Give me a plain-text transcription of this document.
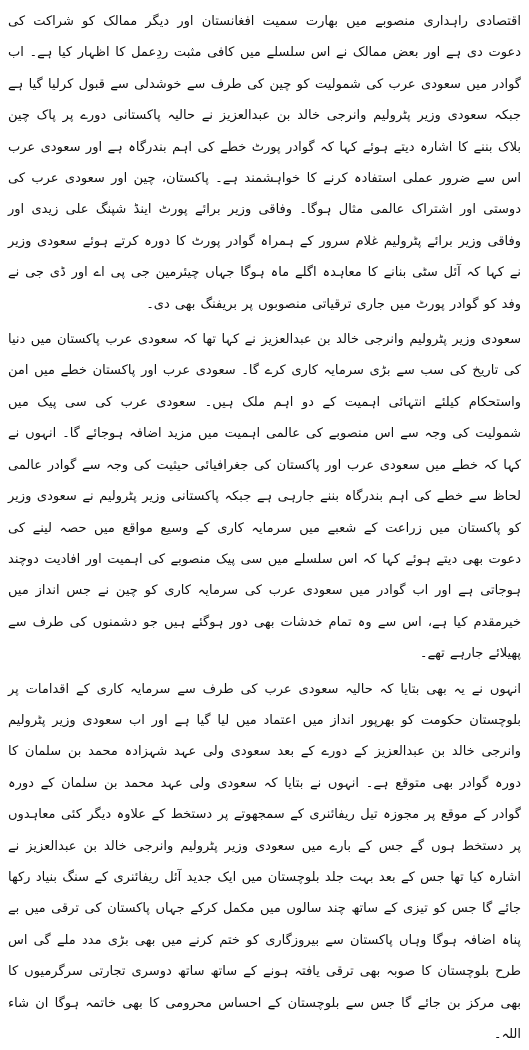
اقتصادی راہداری منصوبے میں بھارت سمیت افغانستان اور دیگر ممالک کو شراکت کی دعوت دی ہے اور بعض ممالک نے اس سلسلے میں کافی مثبت ردِعمل کا اظہار کیا ہے۔ اب گوادر میں سعودی عرب کی شمولیت کو چین کی طرف سے خوشدلی سے قبول کرلیا گیا ہے جبکہ سعودی وزیر پٹرولیم وانرجی خالد بن عبدالعزیز نے حالیہ پاکستانی دورے پر پاک چین بلاک بننے کا اشارہ دیتے ہوئے کہا کہ گوادر پورٹ خطے کی اہم بندرگاہ ہے اور سعودی عرب اس سے ضرور عملی استفادہ کرنے کا خواہشمند ہے۔ پاکستان، چین اور سعودی عرب کی دوستی اور اشتراک عالمی مثال ہوگا۔ وفاقی وزیر برائے پورٹ اینڈ شپنگ علی زیدی اور وفاقی وزیر برائے پٹرولیم غلام سرور کے ہمراہ گوادر پورٹ کا دورہ کرتے ہوئے سعودی وزیر نے کہا کہ آئل سٹی بنانے کا معاہدہ اگلے ماہ ہوگا جہاں چیئرمین جی پی اے اور ڈی جی نے وفد کو گوادر پورٹ میں جاری ترقیاتی منصوبوں پر بریفنگ بھی دی۔

سعودی وزیر پٹرولیم وانرجی خالد بن عبدالعزیز نے کہا تھا کہ سعودی عرب پاکستان میں دنیا کی تاریخ کی سب سے بڑی سرمایہ کاری کرے گا۔ سعودی عرب اور پاکستان خطے میں امن واستحکام کیلئے انتہائی اہمیت کے دو اہم ملک ہیں۔ سعودی عرب کی سی پیک میں شمولیت کی وجہ سے اس منصوبے کی عالمی اہمیت میں مزید اضافہ ہوجائے گا۔ انہوں نے کہا کہ خطے میں سعودی عرب اور پاکستان کی جغرافیائی حیثیت کی وجہ سے گوادر عالمی لحاظ سے خطے کی اہم بندرگاہ بننے جارہی ہے جبکہ پاکستانی وزیر پٹرولیم نے سعودی وزیر کو پاکستان میں زراعت کے شعبے میں سرمایہ کاری کے وسیع مواقع میں حصہ لینے کی دعوت بھی دیتے ہوئے کہا کہ اس سلسلے میں سی پیک منصوبے کی اہمیت اور افادیت دوچند ہوجاتی ہے اور اب گوادر میں سعودی عرب کی سرمایہ کاری کو چین نے جس انداز میں خیرمقدم کیا ہے، اس سے وہ تمام خدشات بھی دور ہوگئے ہیں جو دشمنوں کی طرف سے پھیلائے جارہے تھے۔

انہوں نے یہ بھی بتایا کہ حالیہ سعودی عرب کی طرف سے سرمایہ کاری کے اقدامات پر بلوچستان حکومت کو بھرپور انداز میں اعتماد میں لیا گیا ہے اور اب سعودی وزیر پٹرولیم وانرجی خالد بن عبدالعزیز کے دورے کے بعد سعودی ولی عہد شہزادہ محمد بن سلمان کا دورہ گوادر بھی متوقع ہے۔ انہوں نے بتایا کہ سعودی ولی عہد محمد بن سلمان کے دورہ گوادر کے موقع پر مجوزہ تیل ریفائنری کے سمجھوتے پر دستخط کے علاوہ دیگر کئی معاہدوں پر دستخط ہوں گے جس کے بارے میں سعودی وزیر پٹرولیم وانرجی خالد بن عبدالعزیز نے اشارہ کیا تھا جس کے بعد بہت جلد بلوچستان میں ایک جدید آئل ریفائنری کے سنگ بنیاد رکھا جائے گا جس کو تیزی کے ساتھ چند سالوں میں مکمل کرکے جہاں پاکستان کی ترقی میں بے پناہ اضافہ ہوگا وہاں پاکستان سے بیروزگاری کو ختم کرنے میں بھی بڑی مدد ملے گی اس طرح بلوچستان کا صوبہ بھی ترقی یافتہ ہونے کے ساتھ ساتھ دوسری تجارتی سرگرمیوں کا بھی مرکز بن جائے گا جس سے بلوچستان کے احساس محرومی کا بھی خاتمہ ہوگا ان شاء اللہ۔
